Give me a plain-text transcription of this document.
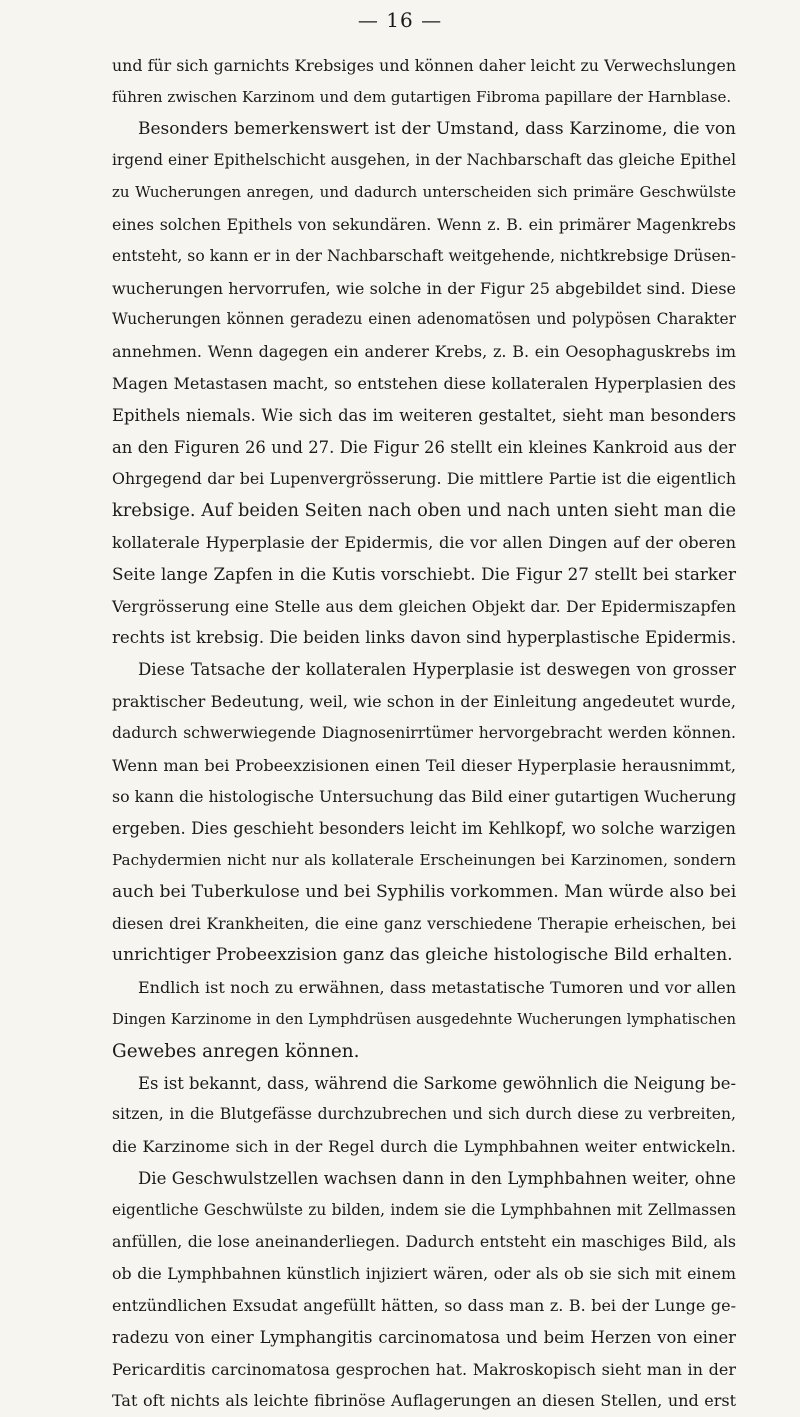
— 16 —
und für sich garnichts Krebsiges und können daher leicht zu Verwechslungen
führen zwischen Karzinom und dem gutartigen Fibroma papillare der Harnblase.
Besonders bemerkenswert ist der Umstand, dass Karzinome, die von
irgend einer Epithelschicht ausgehen, in der Nachbarschaft das gleiche Epithel
zu Wucherungen anregen, und dadurch unterscheiden sich primäre Geschwülste
eines solchen Epithels von sekundären. Wenn z. B. ein primärer Magenkrebs
entsteht, so kann er in der Nachbarschaft weitgehende, nichtkrebsige Drüsen-
wucherungen hervorrufen, wie solche in der Figur 25 abgebildet sind. Diese
Wucherungen können geradezu einen adenomatösen und polypösen Charakter
annehmen. Wenn dagegen ein anderer Krebs, z. B. ein Oesophaguskrebs im
Magen Metastasen macht, so entstehen diese kollateralen Hyperplasien des
Epithels niemals. Wie sich das im weiteren gestaltet, sieht man besonders
an den Figuren 26 und 27. Die Figur 26 stellt ein kleines Kankroid aus der
Ohrgegend dar bei Lupenvergrösserung. Die mittlere Partie ist die eigentlich
krebsige. Auf beiden Seiten nach oben und nach unten sieht man die
kollaterale Hyperplasie der Epidermis, die vor allen Dingen auf der oberen
Seite lange Zapfen in die Kutis vorschiebt. Die Figur 27 stellt bei starker
Vergrösserung eine Stelle aus dem gleichen Objekt dar. Der Epidermiszapfen
rechts ist krebsig. Die beiden links davon sind hyperplastische Epidermis.
Diese Tatsache der kollateralen Hyperplasie ist deswegen von grosser
praktischer Bedeutung, weil, wie schon in der Einleitung angedeutet wurde,
dadurch schwerwiegende Diagnosenirrtümer hervorgebracht werden können.
Wenn man bei Probeexzisionen einen Teil dieser Hyperplasie herausnimmt,
so kann die histologische Untersuchung das Bild einer gutartigen Wucherung
ergeben. Dies geschieht besonders leicht im Kehlkopf, wo solche warzigen
Pachydermien nicht nur als kollaterale Erscheinungen bei Karzinomen, sondern
auch bei Tuberkulose und bei Syphilis vorkommen. Man würde also bei
diesen drei Krankheiten, die eine ganz verschiedene Therapie erheischen, bei
unrichtiger Probeexzision ganz das gleiche histologische Bild erhalten.
Endlich ist noch zu erwähnen, dass metastatische Tumoren und vor allen
Dingen Karzinome in den Lymphdrüsen ausgedehnte Wucherungen lymphatischen
Gewebes anregen können.
Es ist bekannt, dass, während die Sarkome gewöhnlich die Neigung be-
sitzen, in die Blutgefässe durchzubrechen und sich durch diese zu verbreiten,
die Karzinome sich in der Regel durch die Lymphbahnen weiter entwickeln.
Die Geschwulstzellen wachsen dann in den Lymphbahnen weiter, ohne
eigentliche Geschwülste zu bilden, indem sie die Lymphbahnen mit Zellmassen
anfüllen, die lose aneinanderliegen. Dadurch entsteht ein maschiges Bild, als
ob die Lymphbahnen künstlich injiziert wären, oder als ob sie sich mit einem
entzündlichen Exsudat angefüllt hätten, so dass man z. B. bei der Lunge ge-
radezu von einer Lymphangitis carcinomatosa und beim Herzen von einer
Pericarditis carcinomatosa gesprochen hat. Makroskopisch sieht man in der
Tat oft nichts als leichte fibrinöse Auflagerungen an diesen Stellen, und erst
